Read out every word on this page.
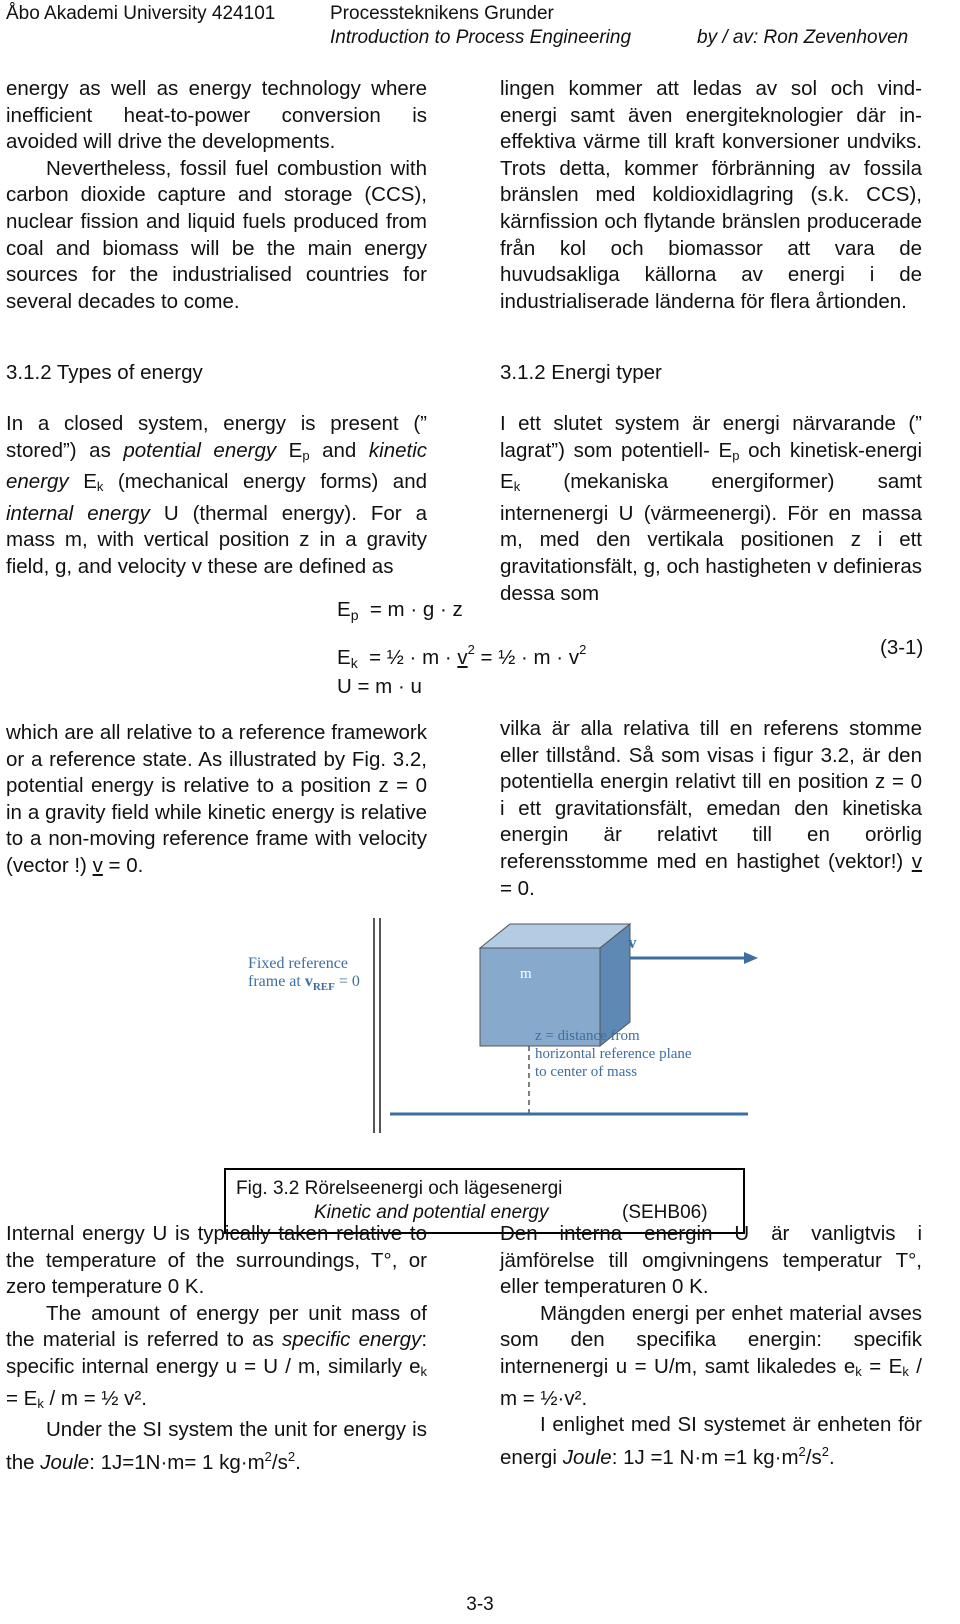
Åbo Akademi University 424101	Processteknikens Grunder
Introduction to Process Engineering	by / av: Ron Zevenhoven

energy as well as energy technology where inefficient heat-to-power conversion is avoided will drive the developments.

Nevertheless, fossil fuel combustion with carbon dioxide capture and storage (CCS), nuclear fission and liquid fuels produced from coal and biomass will be the main energy sources for the industrialised countries for several decades to come.

lingen kommer att ledas av sol och vind-energi samt även energiteknologier där in-effektiva värme till kraft konversioner undviks. Trots detta, kommer förbränning av fossila bränslen med koldioxidlagring (s.k. CCS), kärnfission och flytande bränslen producerade från kol och biomassor att vara de huvudsakliga källorna av energi i de industrialiserade länderna för flera årtionden.

3.1.2 Types of energy	3.1.2 Energi typer

In a closed system, energy is present (” stored”) as potential energy $E_p$ and kinetic energy $E_k$ (mechanical energy forms) and internal energy U (thermal energy). For a mass m, with vertical position z in a gravity field, g, and velocity v these are defined as

I ett slutet system är energi närvarande (” lagrat”) som potentiell- $E_p$ och kinetisk-energi $E_k$ (mekaniska energiformer) samt internenergi U (värmeenergi). För en massa m, med den vertikala positionen z i ett gravitationsfält, g, och hastigheten v definieras dessa som

$E_p = m \cdot g \cdot z$
$E_k$ = ½ · $m \cdot v^2$ = ½ · $m \cdot v^2$
U = m · u
(3-1)

which are all relative to a reference framework or a reference state. As illustrated by Fig. 3.2, potential energy is relative to a position z = 0 in a gravity field while kinetic energy is relative to a non-moving reference frame with velocity (vector !) v = 0.

vilka är alla relativa till en referens stomme eller tillstånd. Så som visas i figur 3.2, är den potentiella energin relativt till en position z = 0 i ett gravitationsfält, emedan den kinetiska energin är relativt till en orörlig referensstomme med en hastighet (vektor!) v = 0.

Fixed reference
frame at $v_{REF} = 0$	m
v
z = distance from
horizontal reference plane
to center of mass
Fig. 3.2 Rörelseenergi och lägesenergi
Kinetic and potential energy	(SEHB06)

Internal energy U is typically taken relative to the temperature of the surroundings, T°, or zero temperature 0 K.

The amount of energy per unit mass of the material is referred to as specific energy: specific internal energy u = U / m, similarly $e_k = E_k / m$ = ½ v².

Under the SI system the unit for energy is the Joule: 1J=1N·m= 1 $kg\cdot m^2/s^2$.

Den interna energin U är vanligtvis i jämförelse till omgivningens temperatur T°, eller temperaturen 0 K.

Mängden energi per enhet material avses som den specifika energin: specifik internenergi u = U/m, samt likaledes $e_k = E_k / m$ = ½·v².

I enlighet med SI systemet är enheten för energi Joule: 1J =1 N·m =1 $kg\cdot m^2/s^2$.

3-3
